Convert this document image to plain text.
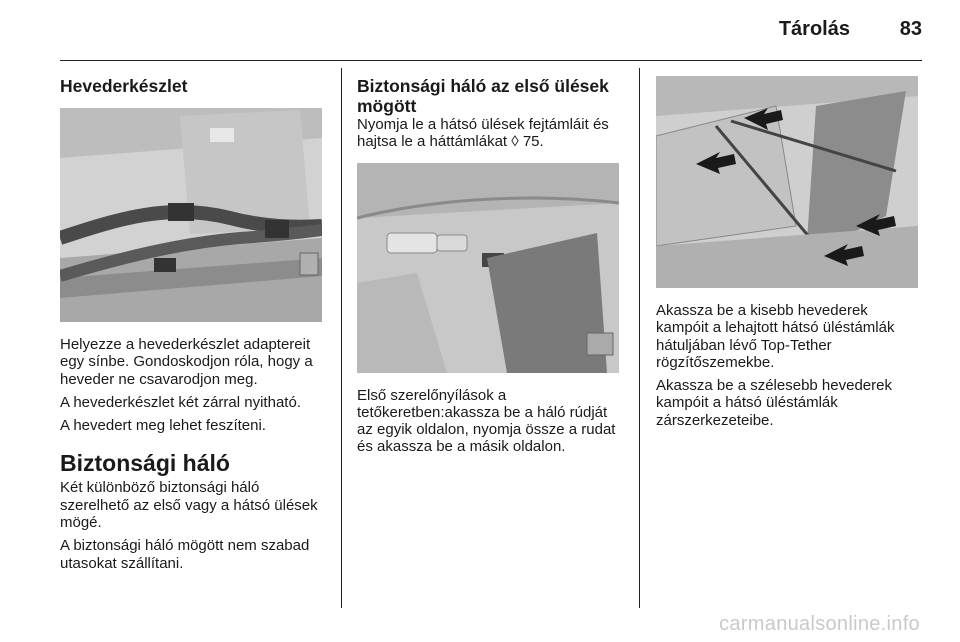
Tárolás 83
Hevederkészlet

Helyezze a hevederkészlet adaptereit egy sínbe. Gondoskodjon róla, hogy a heveder ne csavarodjon meg.

A hevederkészlet két zárral nyitható.

A hevedert meg lehet feszíteni.

Biztonsági háló

Két különböző biztonsági háló szerelhető az első vagy a hátsó ülések mögé.

A biztonsági háló mögött nem szabad utasokat szállítani.

Biztonsági háló az első ülések mögött

Nyomja le a hátsó ülések fejtámláit és hajtsa le a háttámlákat ◊ 75.

Első szerelőnyílások a tetőkeretben:akassza be a háló rúdját az egyik oldalon, nyomja össze a rudat és akassza be a másik oldalon.

Akassza be a kisebb hevederek kampóit a lehajtott hátsó üléstámlák hátuljában lévő Top-Tether rögzítőszemekbe.

Akassza be a szélesebb hevederek kampóit a hátsó üléstámlák zárszerkezeteibe.

carmanualsonline.info
